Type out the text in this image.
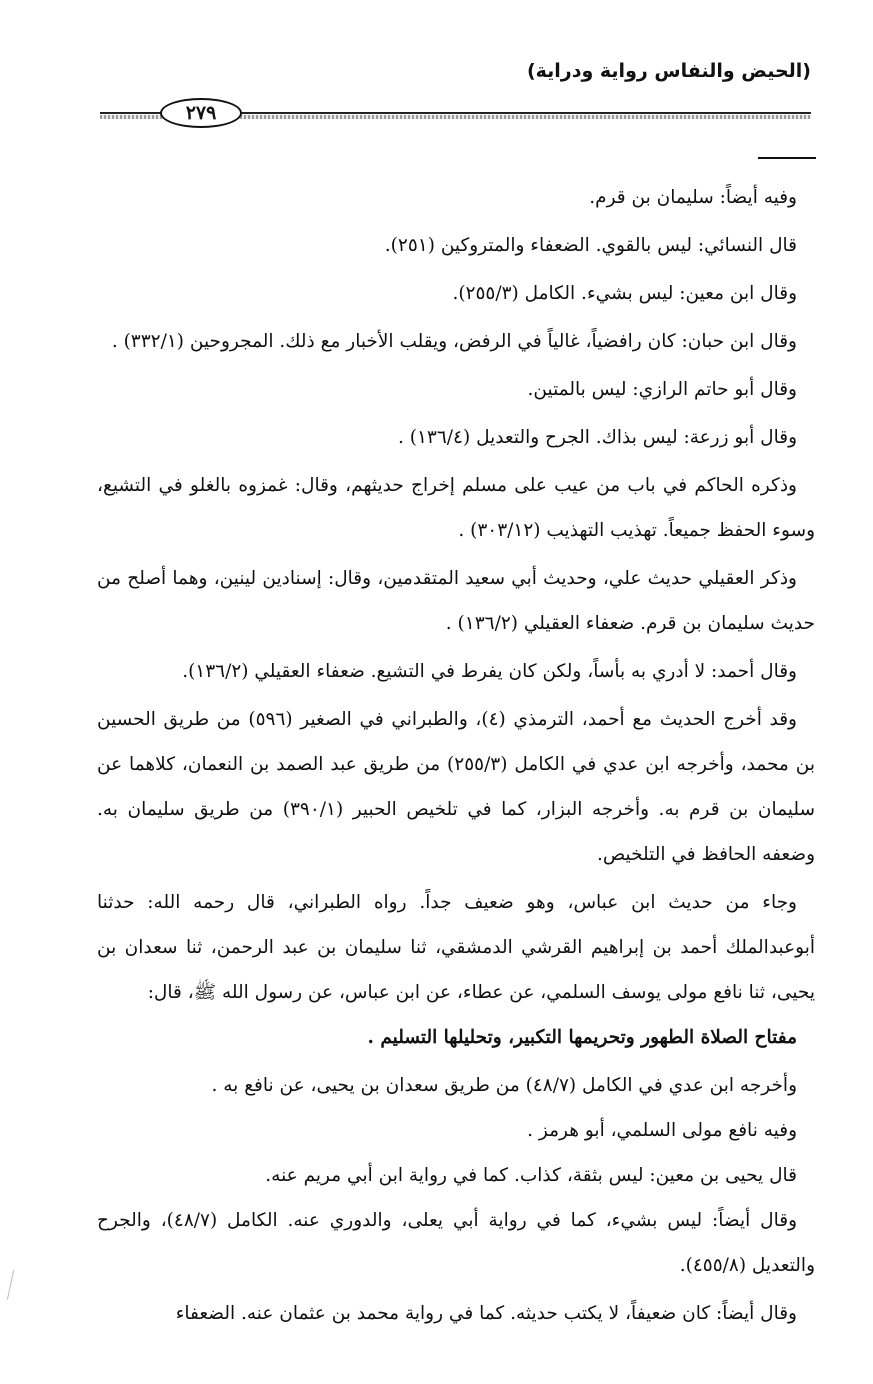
(الحيض والنفاس رواية ودراية)
٢٧٩

وفيه أيضاً: سليمان بن قرم.

قال النسائي: ليس بالقوي. الضعفاء والمتروكين (٢٥١).

وقال ابن معين: ليس بشيء. الكامل (٢٥٥/٣).

وقال ابن حبان: كان رافضياً، غالياً في الرفض، ويقلب الأخبار مع ذلك. المجروحين (٣٣٢/١) .

وقال أبو حاتم الرازي: ليس بالمتين.

وقال أبو زرعة: ليس بذاك. الجرح والتعديل (١٣٦/٤) .

وذكره الحاكم في باب من عيب على مسلم إخراج حديثهم، وقال: غمزوه بالغلو في التشيع، وسوء الحفظ جميعاً. تهذيب التهذيب (٣٠٣/١٢) .

وذكر العقيلي حديث علي، وحديث أبي سعيد المتقدمين، وقال: إسنادين لينين، وهما أصلح من حديث سليمان بن قرم. ضعفاء العقيلي (١٣٦/٢) .

وقال أحمد: لا أدري به بأساً، ولكن كان يفرط في التشيع. ضعفاء العقيلي (١٣٦/٢).

وقد أخرج الحديث مع أحمد، الترمذي (٤)، والطبراني في الصغير (٥٩٦) من طريق الحسين بن محمد، وأخرجه ابن عدي في الكامل (٢٥٥/٣) من طريق عبد الصمد بن النعمان، كلاهما عن سليمان بن قرم به. وأخرجه البزار، كما في تلخيص الحبير (٣٩٠/١) من طريق سليمان به. وضعفه الحافظ في التلخيص.

وجاء من حديث ابن عباس، وهو ضعيف جداً. رواه الطبراني، قال رحمه الله: حدثنا أبوعبدالملك أحمد بن إبراهيم القرشي الدمشقي، ثنا سليمان بن عبد الرحمن، ثنا سعدان بن يحيى، ثنا نافع مولى يوسف السلمي، عن عطاء، عن ابن عباس، عن رسول الله ﷺ، قال:

مفتاح الصلاة الطهور وتحريمها التكبير، وتحليلها التسليم .

وأخرجه ابن عدي في الكامل (٤٨/٧) من طريق سعدان بن يحيى، عن نافع به .

وفيه نافع مولى السلمي، أبو هرمز .

قال يحيى بن معين: ليس بثقة، كذاب. كما في رواية ابن أبي مريم عنه.

وقال أيضاً: ليس بشيء، كما في رواية أبي يعلى، والدوري عنه. الكامل (٤٨/٧)، والجرح والتعديل (٤٥٥/٨).

وقال أيضاً: كان ضعيفاً، لا يكتب حديثه. كما في رواية محمد بن عثمان عنه. الضعفاء
